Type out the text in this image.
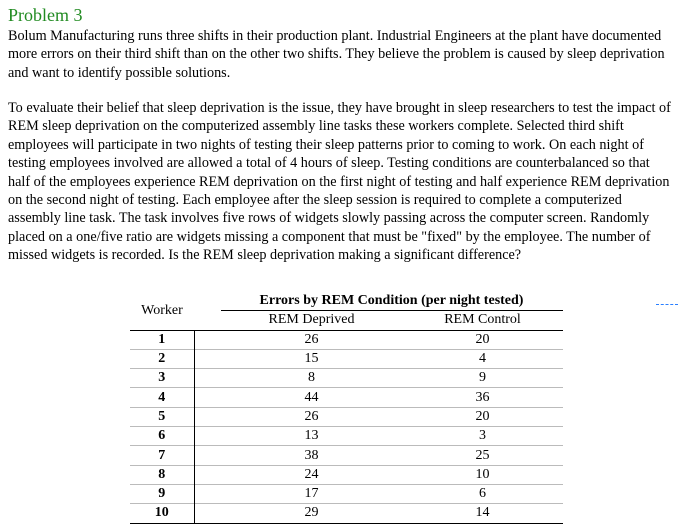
Problem 3

Bolum Manufacturing runs three shifts in their production plant. Industrial Engineers at the plant have documented more errors on their third shift than on the other two shifts. They believe the problem is caused by sleep deprivation and want to identify possible solutions.

To evaluate their belief that sleep deprivation is the issue, they have brought in sleep researchers to test the impact of REM sleep deprivation on the computerized assembly line tasks these workers complete. Selected third shift employees will participate in two nights of testing their sleep patterns prior to coming to work. On each night of testing employees involved are allowed a total of 4 hours of sleep. Testing conditions are counterbalanced so that half of the employees experience REM deprivation on the first night of testing and half experience REM deprivation on the second night of testing. Each employee after the sleep session is required to complete a computerized assembly line task. The task involves five rows of widgets slowly passing across the computer screen. Randomly placed on a one/five ratio are widgets missing a component that must be "fixed" by the employee. The number of missed widgets is recorded. Is the REM sleep deprivation making a significant difference?

Worker		Errors by REM Condition (per night tested)	
		REM Deprived	REM Control
1		26	20
2		15	4
3		8	9
4		44	36
5		26	20
6		13	3
7		38	25
8		24	10
9		17	6
10		29	14
